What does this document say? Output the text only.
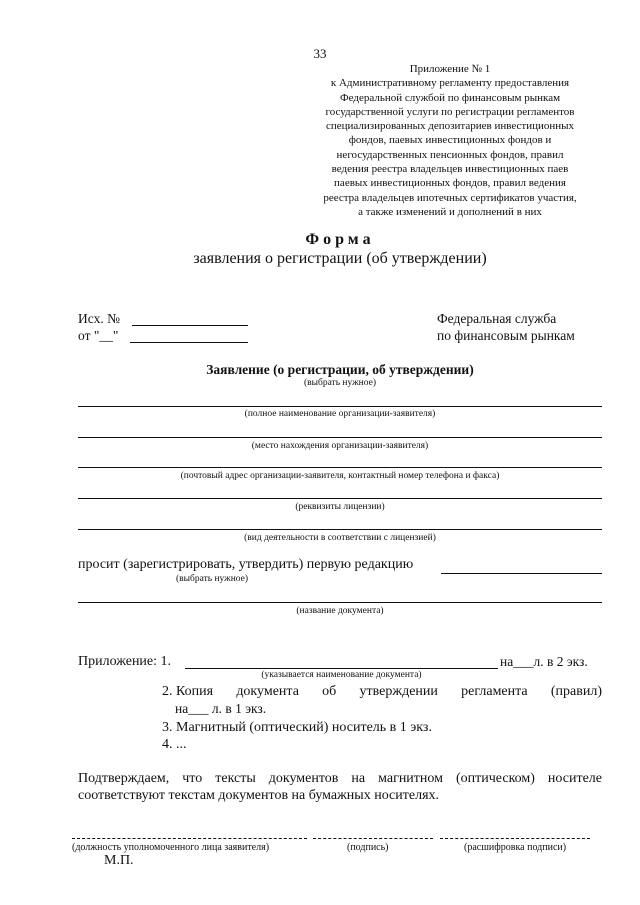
33
Приложение № 1
к Административному регламенту предоставления
Федеральной службой по финансовым рынкам
государственной услуги по регистрации регламентов
специализированных депозитариев инвестиционных
фондов, паевых инвестиционных фондов и
негосударственных пенсионных фондов, правил
ведения реестра владельцев инвестиционных паев
паевых инвестиционных фондов, правил ведения
реестра владельцев ипотечных сертификатов участия,
а также изменений и дополнений в них
Форма
заявления о регистрации (об утверждении)
Исх. №
от "__"
Федеральная служба
по финансовым рынкам
Заявление (о регистрации, об утверждении)
(выбрать нужное)
(полное наименование организации-заявителя)
(место нахождения организации-заявителя)
(почтовый адрес организации-заявителя, контактный номер телефона и факса)
(реквизиты лицензии)
(вид деятельности в соответствии с лицензией)
просит (зарегистрировать, утвердить) первую редакцию
(выбрать нужное)
(название документа)
Приложение: 1.	на___л. в 2 экз.
(указывается наименование документа)
2. Копия документа об утверждении регламента (правил)
на___ л. в 1 экз.
3. Магнитный (оптический) носитель в 1 экз.
4. ...
Подтверждаем, что тексты документов на магнитном (оптическом) носителе
соответствуют текстам документов на бумажных носителях.
(должность уполномоченного лица заявителя)	(подпись)	(расшифровка подписи)
М.П.
